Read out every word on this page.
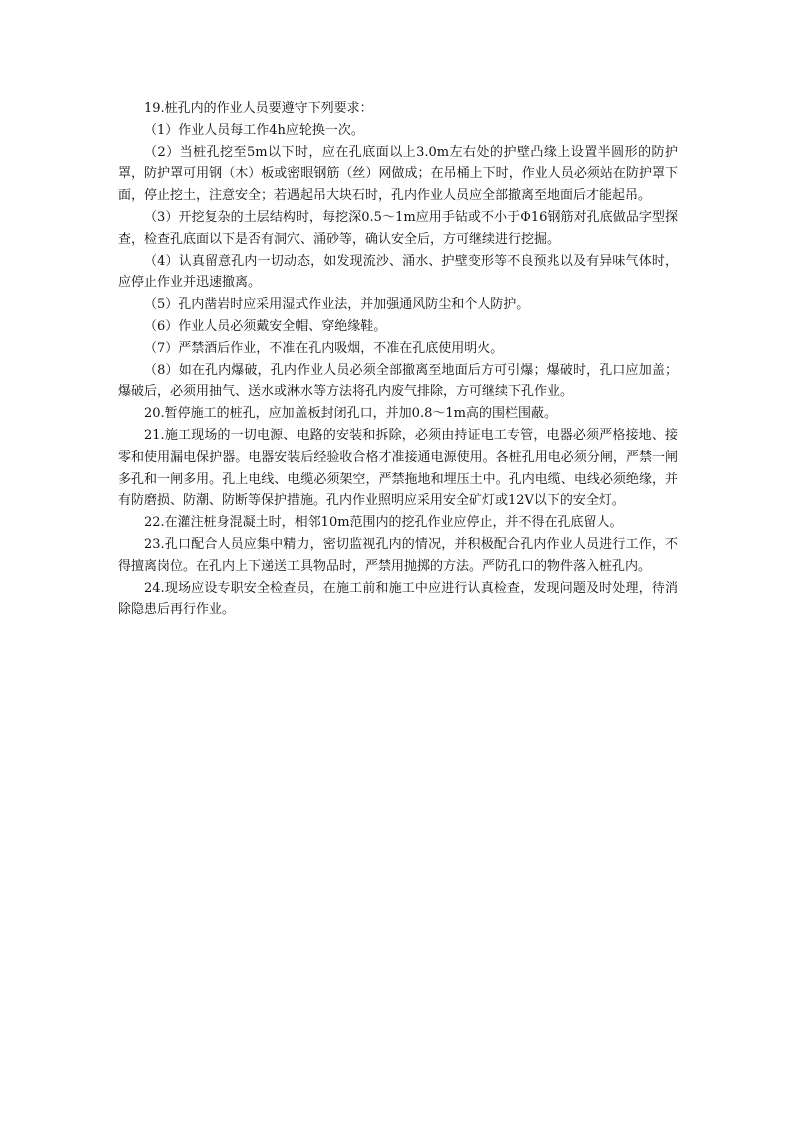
19.桩孔内的作业人员要遵守下列要求：

（1）作业人员每工作4h应轮换一次。

（2）当桩孔挖至5m以下时，应在孔底面以上3.0m左右处的护壁凸缘上设置半圆形的防护罩，防护罩可用钢（木）板或密眼钢筋（丝）网做成；在吊桶上下时，作业人员必须站在防护罩下面，停止挖土，注意安全；若遇起吊大块石时，孔内作业人员应全部撤离至地面后才能起吊。

（3）开挖复杂的土层结构时，每挖深0.5～1m应用手钻或不小于Φ16钢筋对孔底做品字型探查，检查孔底面以下是否有洞穴、涌砂等，确认安全后，方可继续进行挖掘。

（4）认真留意孔内一切动态，如发现流沙、涌水、护壁变形等不良预兆以及有异味气体时，应停止作业并迅速撤离。

（5）孔内凿岩时应采用湿式作业法，并加强通风防尘和个人防护。

（6）作业人员必须戴安全帽、穿绝缘鞋。

（7）严禁酒后作业，不准在孔内吸烟，不准在孔底使用明火。

（8）如在孔内爆破，孔内作业人员必须全部撤离至地面后方可引爆；爆破时，孔口应加盖；爆破后，必须用抽气、送水或淋水等方法将孔内废气排除，方可继续下孔作业。

20.暂停施工的桩孔，应加盖板封闭孔口，并加0.8～1m高的围栏围蔽。

21.施工现场的一切电源、电路的安装和拆除，必须由持证电工专管，电器必须严格接地、接零和使用漏电保护器。电器安装后经验收合格才准接通电源使用。各桩孔用电必须分闸，严禁一闸多孔和一闸多用。孔上电线、电缆必须架空，严禁拖地和埋压土中。孔内电缆、电线必须绝缘，并有防磨损、防潮、防断等保护措施。孔内作业照明应采用安全矿灯或12V以下的安全灯。

22.在灌注桩身混凝土时，相邻10m范围内的挖孔作业应停止，并不得在孔底留人。

23.孔口配合人员应集中精力，密切监视孔内的情况，并积极配合孔内作业人员进行工作，不得擅离岗位。在孔内上下递送工具物品时，严禁用抛掷的方法。严防孔口的物件落入桩孔内。

24.现场应设专职安全检查员，在施工前和施工中应进行认真检查，发现问题及时处理，待消除隐患后再行作业。
